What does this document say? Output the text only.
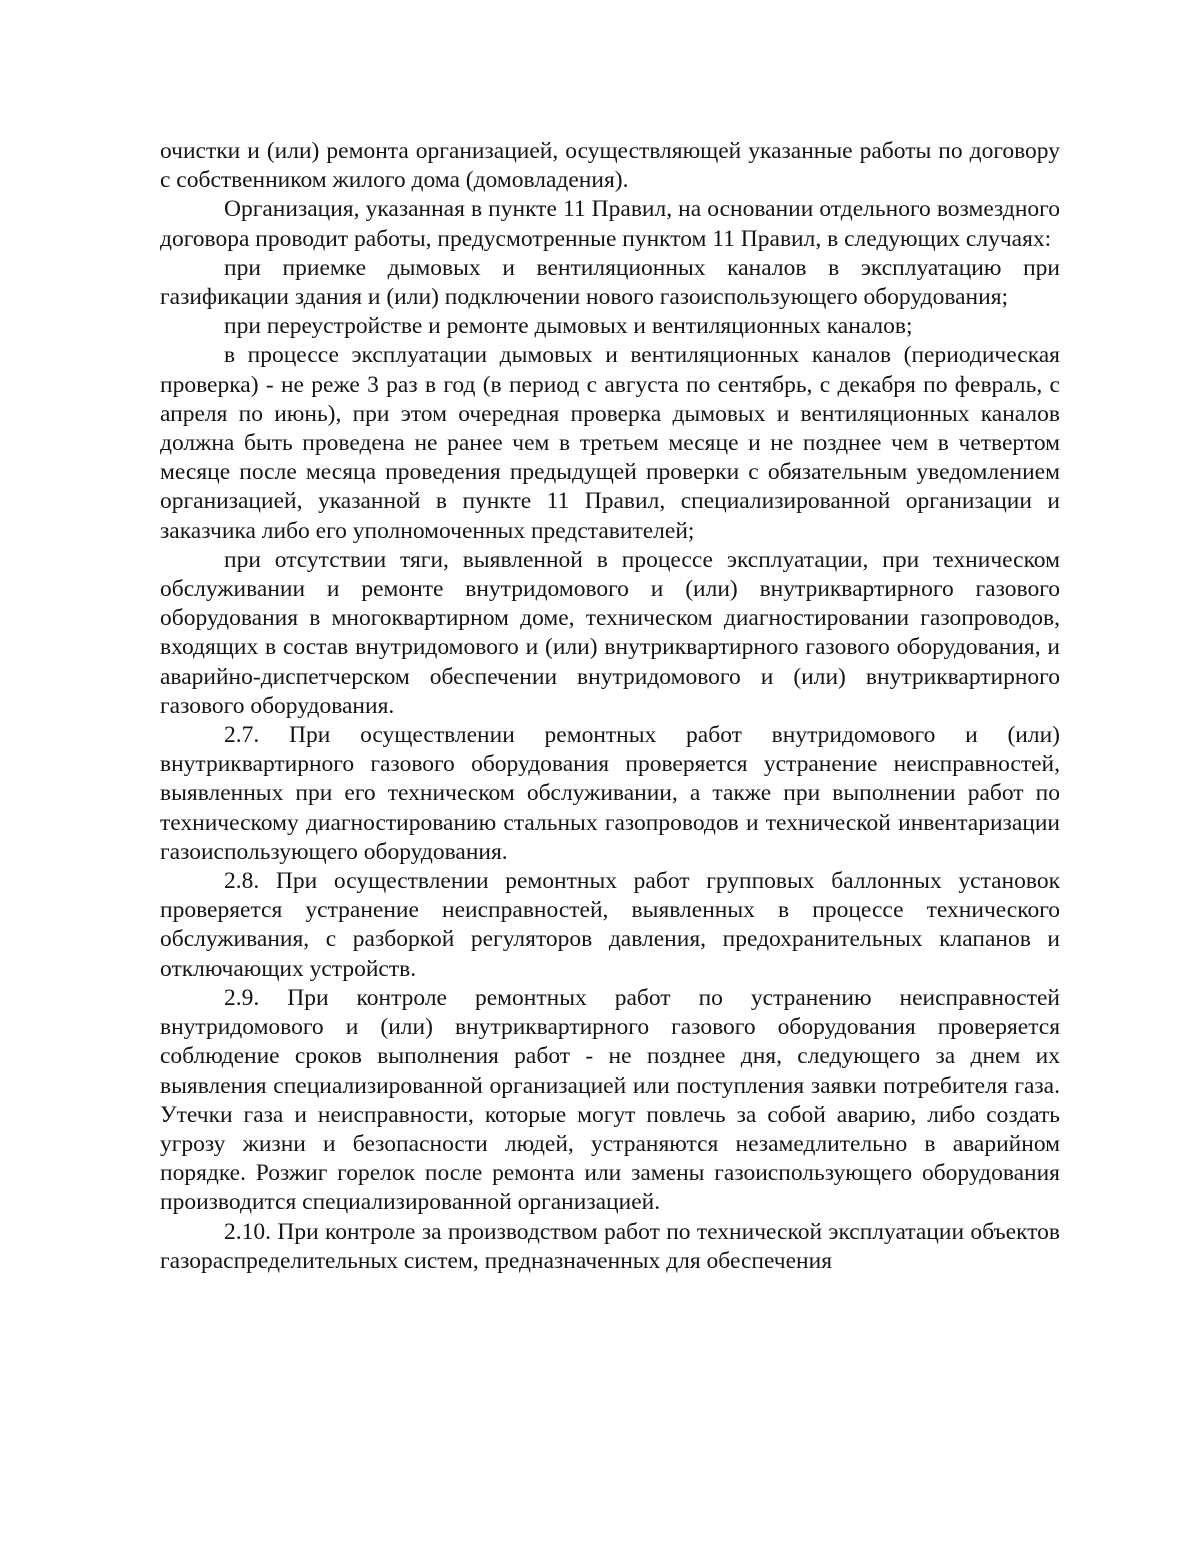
очистки и (или) ремонта организацией, осуществляющей указанные работы по договору с собственником жилого дома (домовладения).

Организация, указанная в пункте 11 Правил, на основании отдельного возмездного договора проводит работы, предусмотренные пунктом 11 Правил, в следующих случаях:

при приемке дымовых и вентиляционных каналов в эксплуатацию при газификации здания и (или) подключении нового газоиспользующего оборудования;

при переустройстве и ремонте дымовых и вентиляционных каналов;

в процессе эксплуатации дымовых и вентиляционных каналов (периодическая проверка) - не реже 3 раз в год (в период с августа по сентябрь, с декабря по февраль, с апреля по июнь), при этом очередная проверка дымовых и вентиляционных каналов должна быть проведена не ранее чем в третьем месяце и не позднее чем в четвертом месяце после месяца проведения предыдущей проверки с обязательным уведомлением организацией, указанной в пункте 11 Правил, специализированной организации и заказчика либо его уполномоченных представителей;

при отсутствии тяги, выявленной в процессе эксплуатации, при техническом обслуживании и ремонте внутридомового и (или) внутриквартирного газового оборудования в многоквартирном доме, техническом диагностировании газопроводов, входящих в состав внутридомового и (или) внутриквартирного газового оборудования, и аварийно-диспетчерском обеспечении внутридомового и (или) внутриквартирного газового оборудования.

2.7. При осуществлении ремонтных работ внутридомового и (или) внутриквартирного газового оборудования проверяется устранение неисправностей, выявленных при его техническом обслуживании, а также при выполнении работ по техническому диагностированию стальных газопроводов и технической инвентаризации газоиспользующего оборудования.

2.8. При осуществлении ремонтных работ групповых баллонных установок проверяется устранение неисправностей, выявленных в процессе технического обслуживания, с разборкой регуляторов давления, предохранительных клапанов и отключающих устройств.

2.9. При контроле ремонтных работ по устранению неисправностей внутридомового и (или) внутриквартирного газового оборудования проверяется соблюдение сроков выполнения работ - не позднее дня, следующего за днем их выявления специализированной организацией или поступления заявки потребителя газа. Утечки газа и неисправности, которые могут повлечь за собой аварию, либо создать угрозу жизни и безопасности людей, устраняются незамедлительно в аварийном порядке. Розжиг горелок после ремонта или замены газоиспользующего оборудования производится специализированной организацией.

2.10. При контроле за производством работ по технической эксплуатации объектов газораспределительных систем, предназначенных для обеспечения
